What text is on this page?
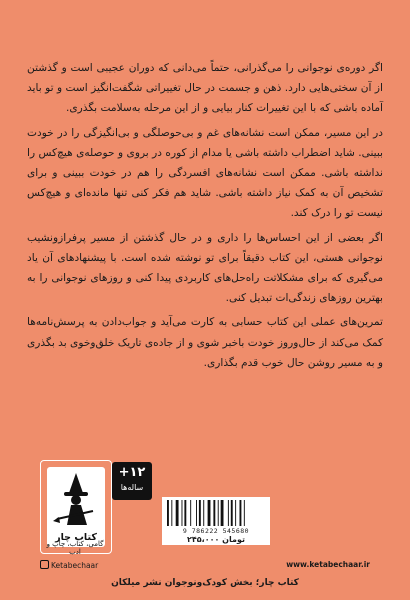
اگر دوره‌ی نوجوانی را می‌گذرانی، حتماً می‌دانی که دوران عجیبی است و گذشتن از آن سختی‌هایی دارد. ذهن و جسمت در حال تغییراتی شگفت‌انگیز است و تو باید آماده باشی که با این تغییرات کنار بیایی و از این مرحله به‌سلامت بگذری.

در این مسیر، ممکن است نشانه‌های غم و بی‌حوصلگی و بی‌انگیزگی را در خودت ببینی. شاید اضطراب داشته باشی یا مدام از کوره در بروی و حوصله‌ی هیچ‌کس را نداشته باشی. ممکن است نشانه‌های افسردگی را هم در خودت ببینی و برای تشخیص آن به کمک نیاز داشته باشی. شاید هم فکر کنی تنها مانده‌ای و هیچ‌کس نیست تو را درک کند.

اگر بعضی از این احساس‌ها را داری و در حال گذشتن از مسیر پرفرازونشیب نوجوانی هستی، این کتاب دقیقاً برای تو نوشته شده است. با پیشنهادهای آن یاد می‌گیری که برای مشکلاتت راه‌حل‌های کاربردی پیدا کنی و روزهای نوجوانی را به بهترین روزهای زندگی‌ات تبدیل کنی.

تمرین‌های عملی این کتاب حسابی به کارت می‌آید و جواب‌دادن به پرسش‌نامه‌ها کمک می‌کند از حال‌وروز خودت باخبر شوی و از جاده‌ی تاریک خلق‌وخوی بد بگذری و به مسیر روشن حال خوب قدم بگذاری.

کتاب چار
گامی، کتاب، چاپ و ادب
+۱۲
ساله‌ها
9 786222 545680
۲۴۵،۰۰۰ تومان
Ketabechaar	www.ketabechaar.ir
کتاب چار؛ بخش کودک‌ونوجوان نشر میلکان
